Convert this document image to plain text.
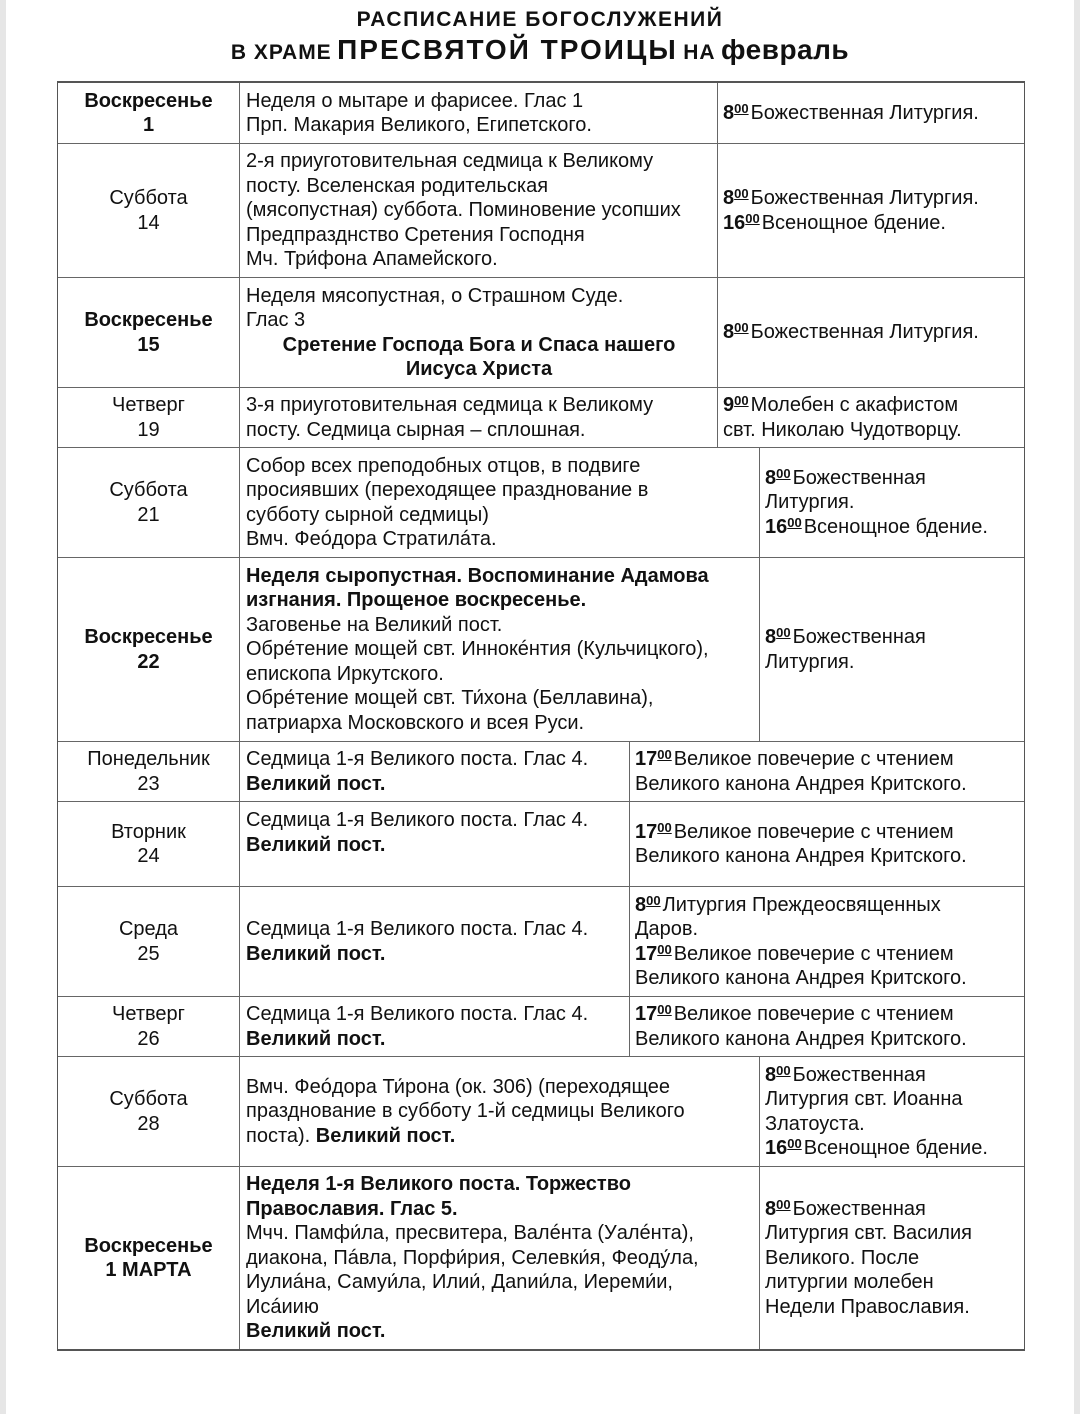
РАСПИСАНИЕ БОГОСЛУЖЕНИЙ
В ХРАМЕ ПРЕСВЯТОЙ ТРОИЦЫ НА февраль
Воскресенье
1
Неделя о мытаре и фарисее. Глас 1
Прп. Макария Великого, Египетского.
$8^{00}$ Божественная Литургия.
Суббота
14
2-я приуготовительная седмица к Великому
посту. Вселенская родительская
(мясопустная) суббота. Поминовение усопших
Предпразднство Сретения Господня
Мч. Три́фона Апамейского.
$8^{00}$ Божественная Литургия.
$16^{00}$ Всенощное бдение.
Воскресенье
15
Неделя мясопустная, о Страшном Суде.
Глас 3
Сретение Господа Бога и Спаса нашего
Иисуса Христа
$8^{00}$ Божественная Литургия.
Четверг
19
3-я приуготовительная седмица к Великому
посту. Седмица сырная – сплошная.
$9^{00}$ Молебен с акафистом
свт. Николаю Чудотворцу.
Суббота
21
Собор всех преподобных отцов, в подвиге
просиявших (переходящее празднование в
субботу сырной седмицы)
Вмч. Феóдора Стратилáта.
$8^{00}$ Божественная
Литургия.
$16^{00}$ Всенощное бдение.
Воскресенье
22
Неделя сыропустная. Воспоминание Адамова
изгнания. Прощеное воскресенье.
Заговенье на Великий пост.
Обре́тение мощей свт. Иннокéнтия (Кульчицкого),
епископа Иркутского.
Обре́тение мощей свт. Ти́хона (Беллавина),
патриарха Московского и всея Руси.
$8^{00}$ Божественная
Литургия.
Понедельник
23
Седмица 1-я Великого поста. Глас 4.
Великий пост.
$17^{00}$ Великое повечерие с чтением
Великого канона Андрея Критского.
Вторник
24
Седмица 1-я Великого поста. Глас 4.
Великий пост.
$17^{00}$ Великое повечерие с чтением
Великого канона Андрея Критского.
Среда
25
Седмица 1-я Великого поста. Глас 4.
Великий пост.
$8^{00}$ Литургия Преждеосвященных
Даров.
$17^{00}$ Великое повечерие с чтением
Великого канона Андрея Критского.
Четверг
26
Седмица 1-я Великого поста. Глас 4.
Великий пост.
$17^{00}$ Великое повечерие с чтением
Великого канона Андрея Критского.
Суббота
28
Вмч. Феóдора Ти́рона (ок. 306) (переходящее
празднование в субботу 1-й седмицы Великого
поста). Великий пост.
$8^{00}$ Божественная
Литургия свт. Иоанна
Златоуста.
$16^{00}$ Всенощное бдение.
Воскресенье
1 МАРТА
Неделя 1-я Великого поста. Торжество
Православия. Глас 5.
Мчч. Памфи́ла, пресвитера, Валéнта (Уалéнта),
диакона, Пáвла, Порфи́рия, Селевки́я, Феоду́ла,
Иулиáна, Самуи́ла, Илии́, Даnии́ла, Иереми́и,
Исáиию
Великий пост.
$8^{00}$ Божественная
Литургия свт. Василия
Великого. После
литургии молебен
Недели Православия.
